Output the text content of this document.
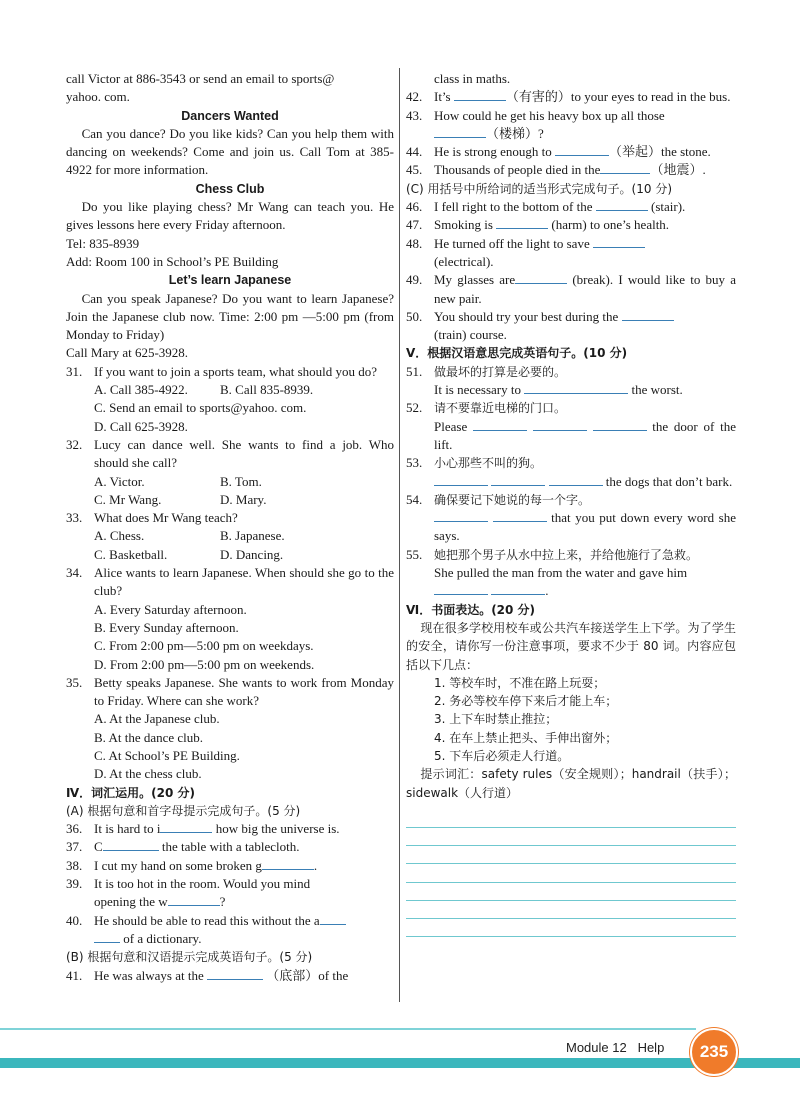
call Victor at 886-3543 or send an email to sports@
yahoo. com.
Dancers Wanted
Can you dance? Do you like kids? Can you help them with dancing on weekends? Come and join us. Call Tom at 385-4922 for more information.
Chess Club
Do you like playing chess? Mr Wang can teach you. He gives lessons here every Friday afternoon.
Tel: 835-8939
Add: Room 100 in School’s PE Building
Let’s learn Japanese
Can you speak Japanese? Do you want to learn Japanese? Join the Japanese club now. Time: 2:00 pm —5:00 pm (from Monday to Friday)
Call Mary at 625-3928.
31. If you want to join a sports team, what should you do?
A. Call 385-4922.	B. Call 835-8939.
C. Send an email to sports@yahoo. com.
D. Call 625-3928.
32. Lucy can dance well. She wants to find a job. Who should she call?
A. Victor.	B. Tom.
C. Mr Wang.	D. Mary.
33. What does Mr Wang teach?
A. Chess.	B. Japanese.
C. Basketball.	D. Dancing.
34. Alice wants to learn Japanese. When should she go to the club?
A. Every Saturday afternoon.
B. Every Sunday afternoon.
C. From 2:00 pm—5:00 pm on weekdays.
D. From 2:00 pm—5:00 pm on weekends.
35. Betty speaks Japanese. She wants to work from Monday to Friday. Where can she work?
A. At the Japanese club.
B. At the dance club.
C. At School’s PE Building.
D. At the chess club.
Ⅳ．词汇运用。(20 分)
(A) 根据句意和首字母提示完成句子。(5 分)
36. It is hard to i	how big the universe is.
37. C	the table with a tablecloth.
38. I cut my hand on some broken g	.
39. It is too hot in the room. Would you mind
opening the w	?
40. He should be able to read this without the a
of a dictionary.
(B) 根据句意和汉语提示完成英语句子。(5 分)
41. He was always at the	（底部）of the
class in maths.
42. It’s	（有害的）to your eyes to read in the bus.
43. How could he get his heavy box up all those
（楼梯）?
44. He is strong enough to	（举起）the stone.
45. Thousands of people died in the	（地震）.
(C) 用括号中所给词的适当形式完成句子。(10 分)
46. I fell right to the bottom of the	(stair).
47. Smoking is	(harm) to one’s health.
48. He turned off the light to save
(electrical).
49. My glasses are	(break). I would like to buy a new pair.
50. You should try your best during the
(train) course.
Ⅴ．根据汉语意思完成英语句子。(10 分)
51. 做最坏的打算是必要的。
It is necessary to	the worst.
52. 请不要靠近电梯的门口。
Please	the door of the lift.
53. 小心那些不叫的狗。
the dogs that don’t bark.
54. 确保要记下她说的每一个字。
that you put down every word she says.
55. 她把那个男子从水中拉上来，并给他施行了急救。
She pulled the man from the water and gave him
.
Ⅵ．书面表达。(20 分)
现在很多学校用校车或公共汽车接送学生上下学。为了学生的安全，请你写一份注意事项，要求不少于 80 词。内容应包括以下几点：
1. 等校车时，不准在路上玩耍；
2. 务必等校车停下来后才能上车；
3. 上下车时禁止推拉；
4. 在车上禁止把头、手伸出窗外；
5. 下车后必须走人行道。
提示词汇：safety rules（安全规则）；handrail（扶手）；sidewalk（人行道）
Module 12 Help	235
